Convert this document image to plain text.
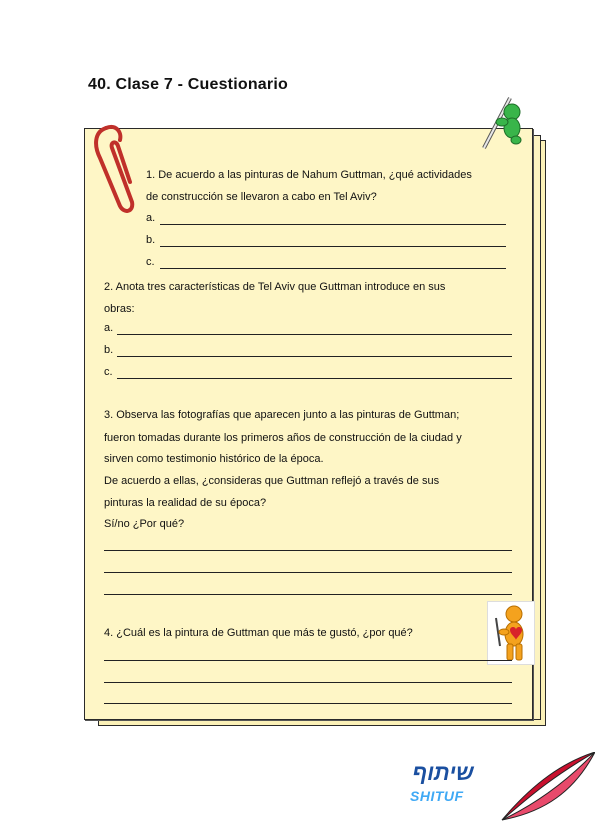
40. Clase 7 - Cuestionario
1. De acuerdo a las pinturas de Nahum Guttman, ¿qué actividades
de construcción se llevaron a cabo en Tel Aviv?
a.
b.
c.
2. Anota tres características de Tel Aviv que Guttman introduce en sus
obras:
a.
b.
c.
3. Observa las fotografías que aparecen junto a las pinturas de Guttman;
fueron tomadas durante los primeros años de construcción de la ciudad y
sirven como testimonio histórico de la época.
De acuerdo a ellas, ¿consideras que Guttman reflejó a través de sus
pinturas la realidad de su época?
Sí/no ¿Por qué?
4. ¿Cuál es la pintura de Guttman que más te gustó, ¿por qué?
שיתוף
SHITUF
